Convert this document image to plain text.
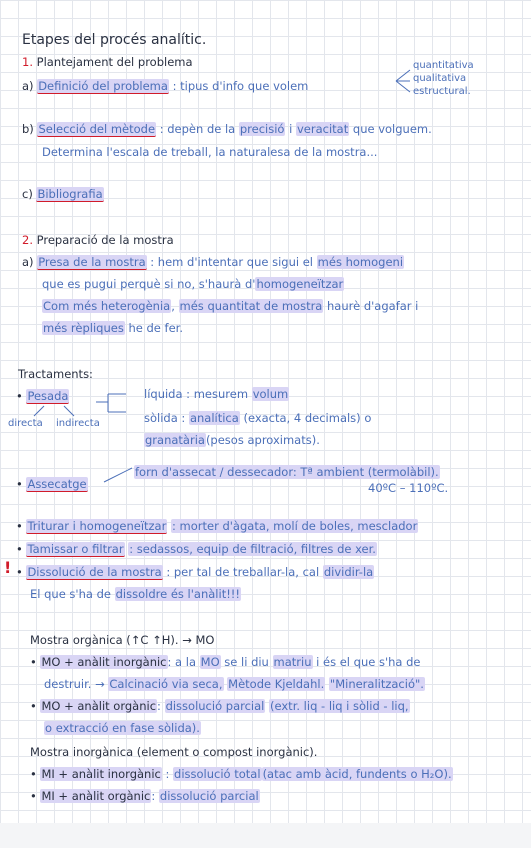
Etapes del procés analític.
1. Plantejament del problema
a) Definició del problema : tipus d'info que volem
quantitativa
qualitativa
estructural.
b) Selecció del mètode : depèn de la precisió i veracitat que volguem.
Determina l'escala de treball, la naturalesa de la mostra...
c) Bibliografia
2. Preparació de la mostra
a) Presa de la mostra : hem d'intentar que sigui el més homogeni
que es pugui perquè si no, s'haurà d'homogeneïtzar
Com més heterogènia, més quantitat de mostra haurè d'agafar i
més rèpliques he de fer.
Tractaments:
• Pesada
directa indirecta
líquida : mesurem volum
sòlida : analítica (exacta, 4 decimals) o
granatària(pesos aproximats).
• Assecatge
forn d'assecat / dessecador: Tª ambient (termolàbil).
40ºC – 110ºC.
• Triturar i homogeneïtzar : morter d'àgata, molí de boles, mesclador
• Tamissar o filtrar : sedassos, equip de filtració, filtres de xer.
! • Dissolució de la mostra : per tal de treballar-la, cal dividir-la
El que s'ha de dissoldre és l'anàlit!!!
Mostra orgànica (↑C ↑H). → MO
• MO + anàlit inorgànic: a la MO se li diu matriu i és el que s'ha de
destruir. → Calcinació via seca, Mètode Kjeldahl. "Mineralització".
• MO + anàlit orgànic: dissolució parcial (extr. liq - liq i sòlid - liq,
o extracció en fase sòlida).
Mostra inorgànica (element o compost inorgànic).
• MI + anàlit inorgànic : dissolució total (atac amb àcid, fundents o H₂O).
• MI + anàlit orgànic: dissolució parcial
